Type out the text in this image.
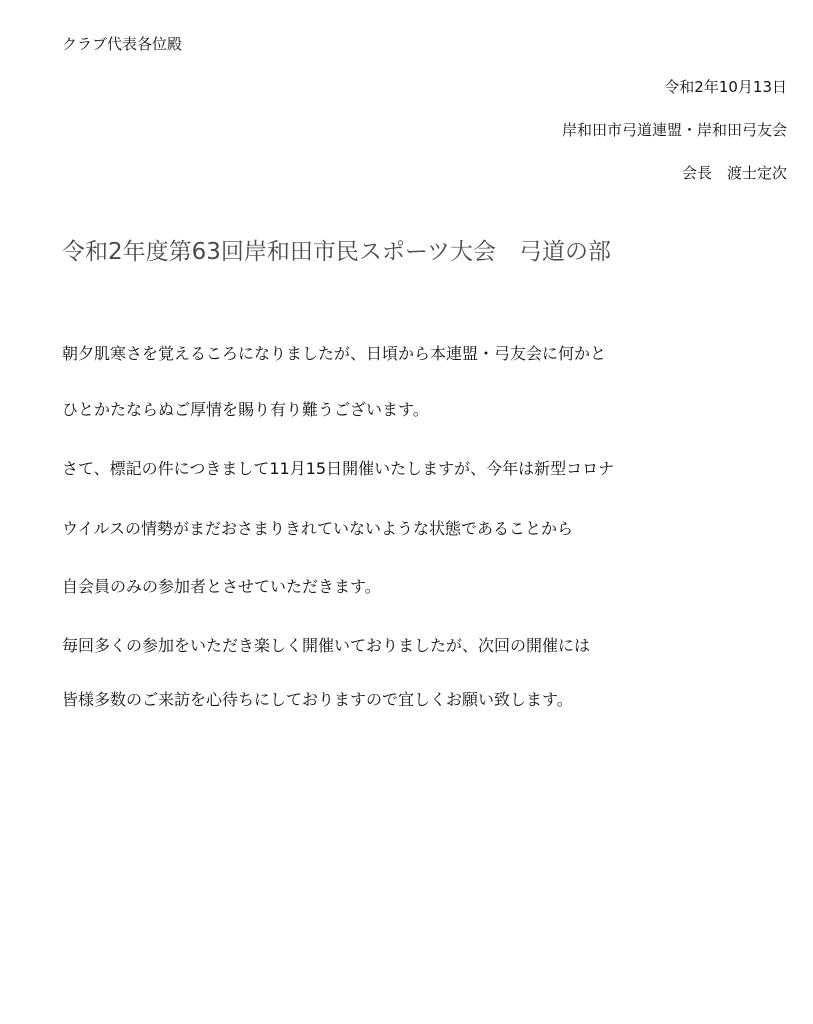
クラブ代表各位殿
令和2年10月13日
岸和田市弓道連盟・岸和田弓友会
会長　渡士定次
令和2年度第63回岸和田市民スポーツ大会　弓道の部
朝夕肌寒さを覚えるころになりましたが、日頃から本連盟・弓友会に何かと
ひとかたならぬご厚情を賜り有り難うございます。
さて、標記の件につきまして11月15日開催いたしますが、今年は新型コロナ
ウイルスの情勢がまだおさまりきれていないような状態であることから
自会員のみの参加者とさせていただきます。
毎回多くの参加をいただき楽しく開催いておりましたが、次回の開催には
皆様多数のご来訪を心待ちにしておりますので宜しくお願い致します。
